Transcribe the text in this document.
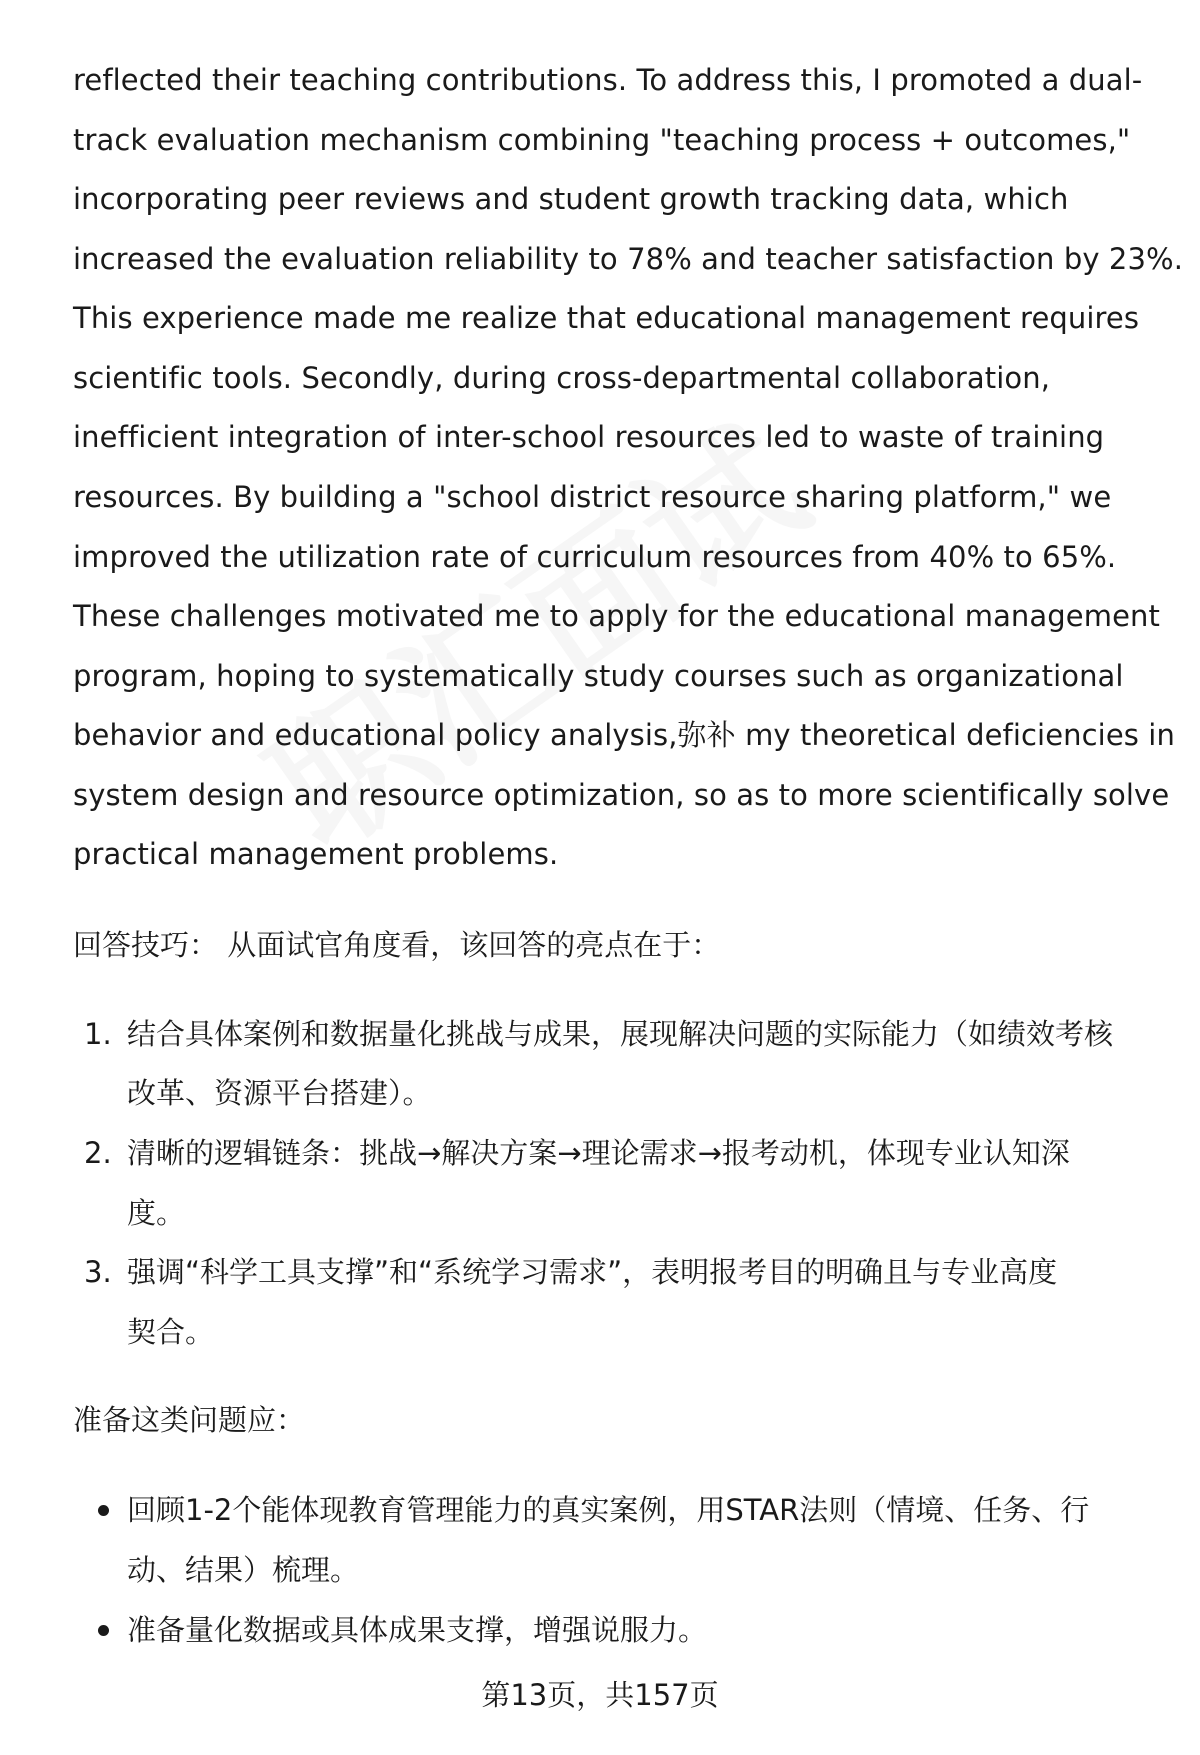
reflected their teaching contributions. To address this, I promoted a dual-
track evaluation mechanism combining "teaching process + outcomes,"
incorporating peer reviews and student growth tracking data, which
increased the evaluation reliability to 78% and teacher satisfaction by 23%.
This experience made me realize that educational management requires
scientific tools. Secondly, during cross-departmental collaboration,
inefficient integration of inter-school resources led to waste of training
resources. By building a "school district resource sharing platform," we
improved the utilization rate of curriculum resources from 40% to 65%.
These challenges motivated me to apply for the educational management
program, hoping to systematically study courses such as organizational
behavior and educational policy analysis,弥补 my theoretical deficiencies in
system design and resource optimization, so as to more scientifically solve
practical management problems.
回答技巧： 从面试官角度看，该回答的亮点在于：
1. 结合具体案例和数据量化挑战与成果，展现解决问题的实际能力（如绩效考核
改革、资源平台搭建）。
2. 清晰的逻辑链条：挑战→解决方案→理论需求→报考动机，体现专业认知深
度。
3. 强调“科学工具支撑”和“系统学习需求”，表明报考目的明确且与专业高度
契合。
准备这类问题应：
回顾1-2个能体现教育管理能力的真实案例，用STAR法则（情境、任务、行
动、结果）梳理。
准备量化数据或具体成果支撑，增强说服力。
第13页，共157页
